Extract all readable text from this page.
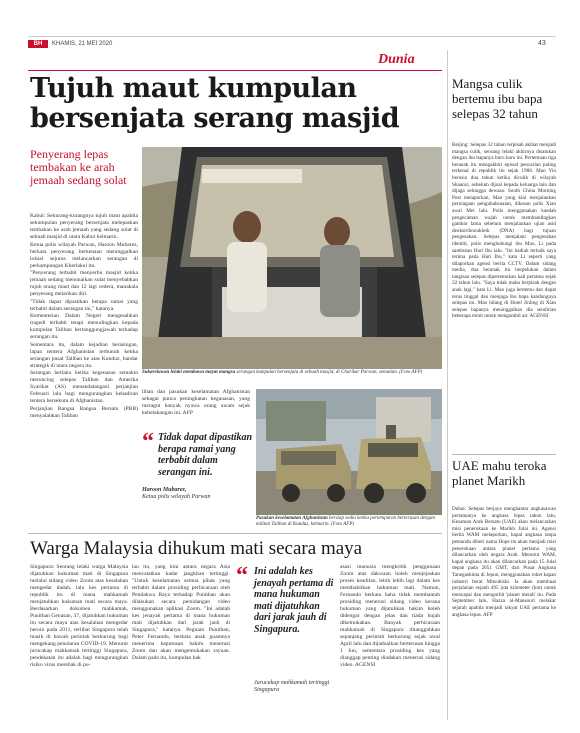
BH	KHAMIS, 21 MEI 2020	43
Dunia
Tujuh maut kumpulan
bersenjata serang masjid
Penyerang lepas tembakan ke arah jemaah sedang solat

Kabul: Sekurang-kurangnya tujuh maut apabila sekumpulan penyerang bersenjata melepaskan tembakan ke arah jemaah yang sedang solat di sebuah masjid di utara Kabul kelmarin.

Ketua polis wilayah Parwan, Haroon Mubarez, berkata penyerang berkenaan meninggalkan lokasi sejurus melancarkan serangan di perkampungan Kherlakul itu.

"Penyerang terbabit menyerbu masjid ketika jemaah sedang menunaikan solat menyebabkan tujuh orang maut dan 12 lagi cedera, manakala penyerang melarikan diri.

"Tidak dapat dipastikan berapa ramai yang terbabit dalam serangan ini," katanya.

Kementerian Dalam Negeri mengesahkan tragedi terbabit tetapi menudingkan kepada kumpulan Taliban bertanggungjawab terhadap serangan itu.

Sementara itu, dalam kejadian berasingan, lapan tentera Afghanistan terbunuh ketika serangan pusat Taliban ke atas Kunduz, bandar strategik di utara negara itu.

Serangan berlaku ketika kegenasan semakin meruncing selepas Taliban dan Amerika Syarikat (AS) menandatangani perjanjian Februari lalu bagi mengurangkan kehadiran tentera bersekutu di Afghanistan.

Perjanjian Bangsa Bangsa Bersatu (PBB) menyalahkan Taliban

Sukarelawan lelaki membawa mayat mangsa serangan kumpulan bersenjata di sebuah masjid, di Charikar Parwan, semalam. (Foto AFP)

liban dan pasukan keselamatan Afghanistan sebagai punca peningkatan keganasan, yang meragut banyak nyawa orang awam sejak kebelakangan ini. AFP

“ Tidak dapat dipastikan berapa ramai yang terbabit dalam serangan ini.
Haroon Mubarez,
Ketua polis wilayah Parwan
Pasukan keselamatan Afghanistan bersiap sedia ketika pertempuran berterusan dengan militan Taliban di Kunduz, kelmarin. (Foto AFP)
Warga Malaysia dihukum mati secara maya

Singapura: Seorang lelaki warga Malaysia dijatuhkan hukuman mati di Singapura melalui sidang video Zoom atas kesalahan mengedar dadah, lalu kes pertama di republik itu di mana mahkamah menjatuhkan hukuman mati secara maya. Berdasarkan dokumen mahkamah, Punithan Genasan, 37, dijatuhkan hukuman itu secara maya atas kesalahan mengedar heroin pada 2011, terlibat Singapura telah masih di bawah perintah berkurung bagi mengekang penularan COVID-19. Menurut jurucakap mahkamah tertinggi Singapura, pendekatan itu adalah bagi mengurangkan risiko virus merebak di pu-

lau itu, yang kini antara negara Asia mencatatkan kadar jangkitan tertinggi. "Untuk keselamatan semua pihak yang terbabit dalam prosiding perbicaraan oleh Pendakwa Raya terhadap Punithan akan dilakukan secara persidangan video menggunakan aplikasi Zoom. "Ini adalah kes jenayah pertama di mana hukuman mati dijatuhkan dari jarak jauh di Singapura," katanya. Peguam Punithan, Peter Fernando, berkata anak guamnya menerima keputusan hakim menerusi Zoom dan akan mengemukakan rayuan. Dalam pada itu, kumpulan hak

“ Ini adalah kes jenayah pertama di mana hukuman mati dijatuhkan dari jarak jauh di Singapura.
Jurucakap mahkamah tertinggi Singapura

asasi manusia mengkritik penggunaan Zoom atas dakwaan boleh menjejaskan proses keadilan, lebih lebih lagi dalam kes membabitkan hukuman mati. Namun, Fernando berkata baha tidak membantah prosiding menerusi sidang video kerana hukuman yang dijatuhkan hakim boleh didengar dengan jelas dan tiada hujah dikemukakan. Banyak perbicaraan mahkamah di Singapura ditangguhkan sepanjang perintah berkurung sejak awal April lalu dan dijadualkan berterusan hingga 1 Jun, sementara prosiding kes yang dianggap penting diadakan menerusi sidang video. AGENSI

Mangsa culik bertemu ibu bapa selepas 32 tahun

Beijing: Selepas 32 tahun terpisah akibat menjadi mangsa culik, seorang lelaki akhirnya disatukan dengan ibu bapanya buru baru ini. Pertemuan tiga beranak itu mengakhiri episod pencarian paling terkenal di republik itu sejak 1988. Mao Yin berusia dua tahun ketika diculik di wilayah Shaanxi, sebelum dijual kepada keluarga lain dan dijaga sehingga dewasa. South China Morning Post melaporkan, Mao yang kini menjalankan perniagaan pengubahsuaian, dikesan polis Xian awal Mei lalu. Polis menggunakan kaedah pengecaman wajah untuk membandingkan gambar lama sebelum menjalankan ujian asid deoksiribonukleik (DNA) bagi tujuan pengesahan. Selepas menjalani pengesahan identiti, polis menghubungi ibu Mao, Li pada sambutan Hari Ibu lalu. "Ini hadiah terbaik saya terima pada Hari Ibu," kata Li seperti yang dilaporkan agensi berita CCTV. Dalam sidang media, dua beranak itu berpelukan dalam tangisan selepas dipertemukan kali pertama sejak 32 tahun lalu. "Saya tidak mahu berpisah dengan anak lagi," kata Li. Mao juga bertemu dan dapat terus tinggal dan menjaga ibu bapa kandungnya selepas ini. Mao hilang di Hotel Jinling di Xian selepas bapanya meninggalkan dia sendirian beberapa minit untuk mengambil air. AGENSI

UAE mahu teroka planet Marikh

Dubai: Selepas berjaya menghantar angkasawan pertamanya ke angkasa lepas tahun lalu, Kesatuan Arab Bersatu (UAE) akan melancarkan misi penerokaan ke Marikh Julai ini. Agensi berita WAM melaporkan, kapal angkasa tanpa pemandu diberi nama Hope itu akan menjadi misi penerokaan antara planet pertama yang dilancarkan oleh negara Arab. Menurut WAM, kapal angkasa itu akan dilancarkan pada 15 Julai depan pada 2051 GMT, dari Pusat Angkasa Tanegashima di Jepun, menggunakan roket kapan industri berat Mitsubishi. Ia akan membuat perjalanan sejauh 495 juta kilometer (km) untuk mencapai dan mengorbit 'planet merah' itu. Pada September lalu, Hazza al-Mansouri melakar sejarah apabila menjadi rakyat UAE pertama ke angkasa lepas. AFP
